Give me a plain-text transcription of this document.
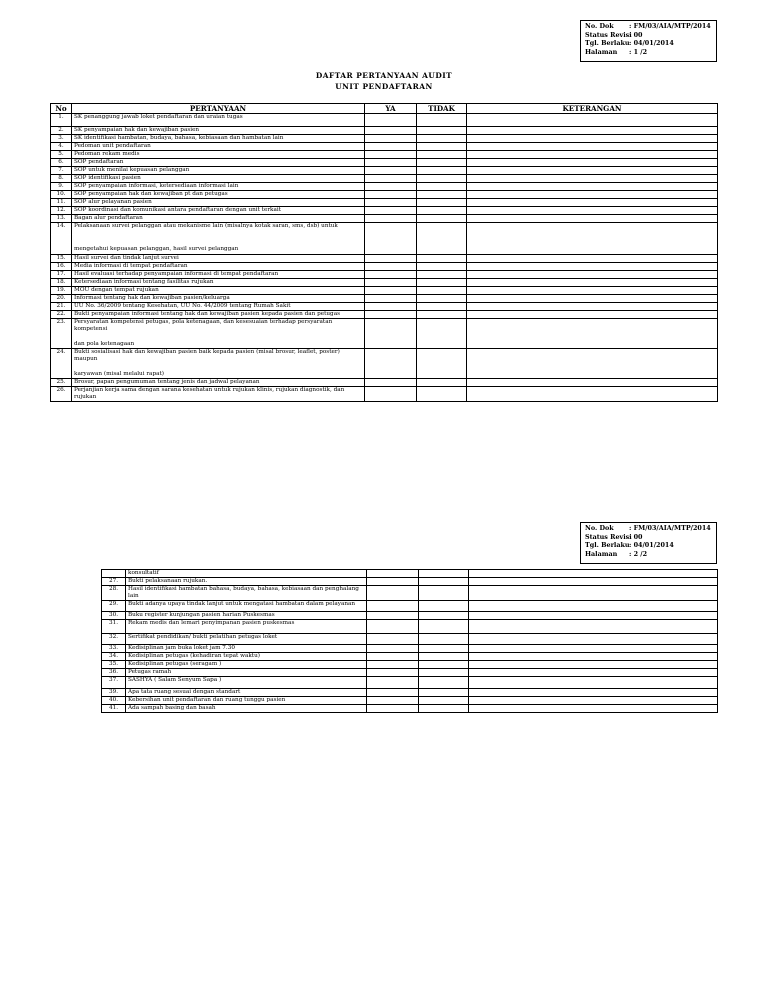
No. Dok	: FM/03/AIA/MTP/2014
Status Revisi
: 00
Tgl. Berlaku : 04/01/2014
Halaman	: 1 /2
DAFTAR PERTANYAAN AUDIT
UNIT PENDAFTARAN
No	PERTANYAAN	YA	TIDAK	KETERANGAN
1.	SK penanggung jawab loket pendaftaran dan uraian tugas			

2.	SK penyampaian hak dan kewajiban pasien			

3.	SK identifikasi hambatan, budaya, bahasa, kebiasaan dan hambatan lain			

4.	Pedoman unit pendaftaran			

5.	Pedoman rekam medis			

6.	SOP pendaftaran			

7.	SOP untuk menilai kepuasan pelanggan			

8.	SOP identifikasi pasien			

9.	SOP penyampaian informasi, ketersediaan informasi lain			

10.	SOP penyampaian hak dan kewajiban pt dan petugas			

11.	SOP alur pelayanan pasien			

12.	SOP koordinasi dan komunikasi antara pendaftaran dengan unit terkait			

13.	Bagan alur pendaftaran			

14.	Pelaksanaan survei pelanggan atau mekanisme lain (misalnya kotak saran, sms, dsb) untuk
mengetahui kepuasan pelanggan, hasil survei pelanggan			

15.	Hasil survei dan tindak lanjut survei			

16.	Media informasi di tempat pendaftaran			

17.	Hasil evaluasi terhadap penyampaian informasi di tempat pendaftaran			

18.	Ketersediaan informasi tentang fasilitas rujukan			

19.	MOU dengan tempat rujukan			

20.	Informasi tentang hak dan kewajiban pasien/keluarga			

21.	UU No. 36/2009 tentang Kesehatan, UU No. 44/2009 tentang Rumah Sakit			

22.	Bukti penyampaian informasi tentang hak dan kewajiban pasien kepada pasien dan petugas			

23.	Persyaratan kompetensi petugas, pola ketenagaan, dan kesesuaian terhadap persyaratan kompetensi
dan pola ketenagaan			

24.	Bukti sosialisasi hak dan kewajiban pasien baik kepada pasien (misal brosur, leaflet, poster) maupun
karyawan (misal melalui rapat)			

25.	Brosur, papan pengumuman tentang jenis dan jadwal pelayanan			

26.	Perjanjian kerja sama dengan sarana kesehatan untuk rujukan klinis, rujukan diagnostik, dan rujukan			

No. Dok	: FM/03/AIA/MTP/2014
Status Revisi
: 00
Tgl. Berlaku : 04/01/2014
Halaman	: 2 /2

	konsultatif			

27.	Bukti pelaksanaan rujukan.			

28.	Hasil identifikasi hambatan bahasa, budaya, bahasa, kebiasaan dan penghalang lain			

29.	Bukti adanya upaya tindak lanjut untuk mengatasi hambatan dalam pelayanan			

30.	Buku register kunjungan pasien harian Puskesmas			

31.	Rekam medis dan lemari penyimpanan pasien puskesmas			

32.	Sertifikat pendidikan/ bukti pelatihan petugas loket			

33.	Kedisiplinan jam buka loket jam 7.30			

34.	Kedisiplinan petugas (kehadiran tepat waktu)			

35.	Kedisiplinan petugas (seragam )			

36.	Petugas ramah			

37.	SASHYA ( Salam Senyum Sapa )			

39.	Apa tata ruang sesuai dengan standart			

40.	Kebersihan unit pendaftaran dan ruang tunggu pasien			

41.	Ada sampah basing dan basah			
